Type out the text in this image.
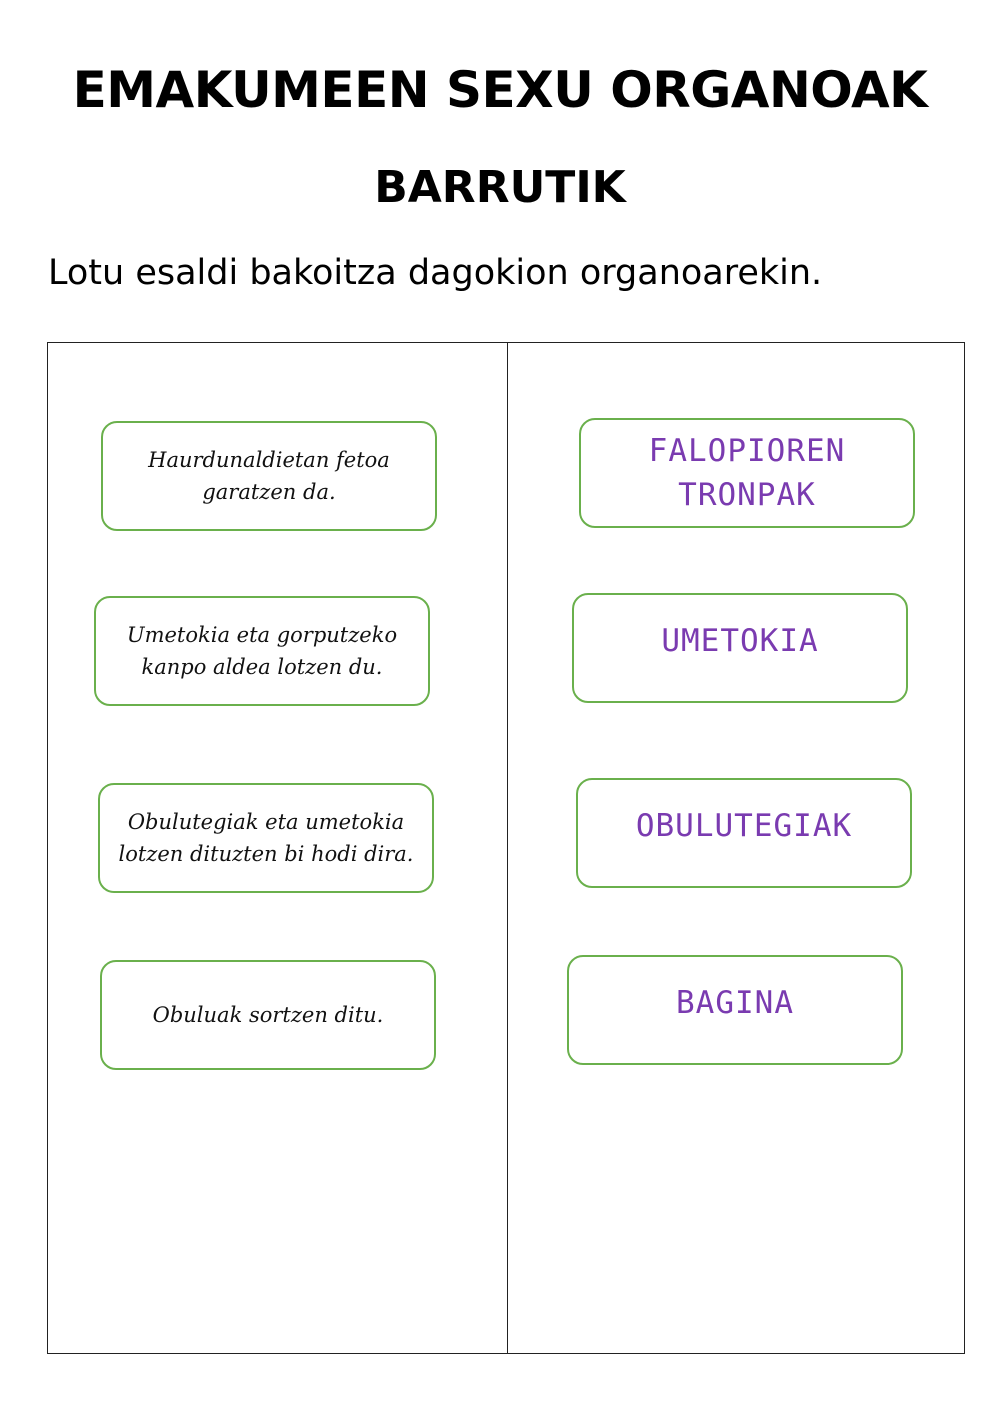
EMAKUMEEN SEXU ORGANOAK
BARRUTIK
Lotu esaldi bakoitza dagokion organoarekin.
Haurdunaldietan fetoa
garatzen da.
Umetokia eta gorputzeko
kanpo aldea lotzen du.
Obulutegiak eta umetokia
lotzen dituzten bi hodi dira.
Obuluak sortzen ditu.
FALOPIOREN
TRONPAK
UMETOKIA
OBULUTEGIAK
BAGINA
